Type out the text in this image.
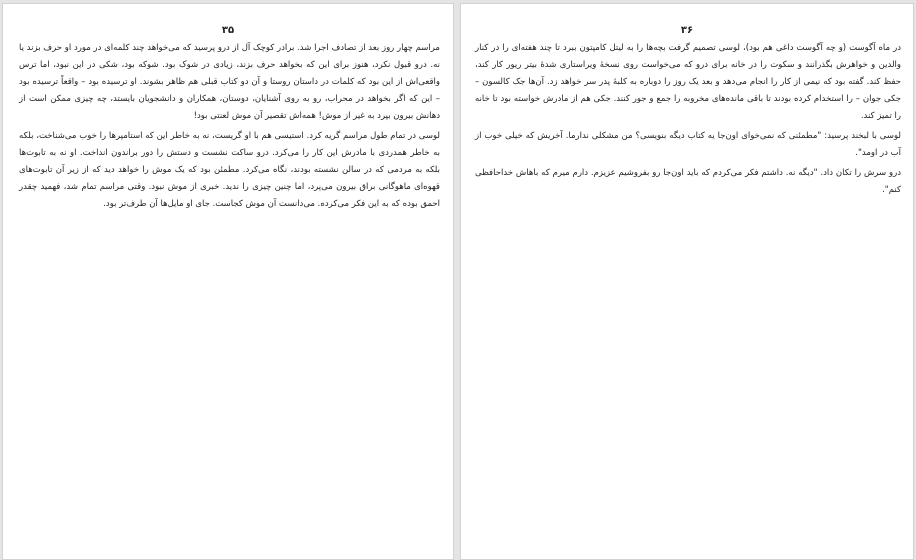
۳۵

مراسم چهار روز بعد از تصادف اجرا شد. برادر کوچک آل از درو پرسید که می‌خواهد چند کلمه‌ای در مورد او حرف بزند یا نه. درو قبول نکرد، هنوز برای این که بخواهد حرف بزند، زیادی در شوک بود. شوکه بود، شکی در این نبود، اما ترس واقعی‌اش از این بود که کلمات در داستان روستا و آن دو کتاب قبلی هم ظاهر بشوند. او ترسیده بود – واقعاً ترسیده بود – این که اگر بخواهد در محراب، رو به روی آشنایان، دوستان، همکاران و دانشجویان بایستد، چه چیزی ممکن است از دهانش بیرون بپرد به غیر از موش! همه‌اش تقصیر آن موش لعنتی بود!

لوسی در تمام طول مراسم گریه کرد. استیسی هم با او گریست، نه به خاطر این که استامپرها را خوب می‌شناخت، بلکه به خاطر همدردی با مادرش این کار را می‌کرد. درو ساکت نشست و دستش را دور براندون انداخت. او نه به تابوت‌ها بلکه به مردمی که در سالن نشسته بودند، نگاه می‌کرد. مطمئن بود که یک موش را خواهد دید که از زیر آن تابوت‌های قهوه‌ای ماهوگانی براق بیرون می‌پرد، اما چنین چیزی را ندید. خبری از موش نبود. وقتی مراسم تمام شد، فهمید چقدر احمق بوده که به این فکر می‌کرده. می‌دانست آن موش کجاست. جای او مایل‌ها آن طرف‌تر بود.

۳۶

در ماه آگوست (و چه آگوست داغی هم بود)، لوسی تصمیم گرفت بچه‌ها را به لیتل کامپتون ببرد تا چند هفته‌ای را در کنار والدین و خواهرش بگذرانند و سکوت را در خانه برای درو که می‌خواست روی نسخهٔ ویراستاری شدهٔ بیتر ریور کار کند، حفظ کند. گفته بود که نیمی از کار را انجام می‌دهد و بعد یک روز را دوباره به کلبهٔ پدر سر خواهد زد. آن‌ها جک کالسون – جکی جوان – را استخدام کرده بودند تا باقی مانده‌های مخروبه را جمع و جور کنند. جکی هم از مادرش خواسته بود تا خانه را تمیز کند.

لوسی با لبخند پرسید: "مطمئنی که نمی‌خوای اون‌جا یه کتاب دیگه بنویسی؟ من مشکلی ندارما. آخریش که خیلی خوب از آب در اومد".

درو سرش را تکان داد. "دیگه نه. داشتم فکر می‌کردم که باید اون‌جا رو بفروشیم عزیزم. دارم میرم که باهاش خداحافظی کنم".
